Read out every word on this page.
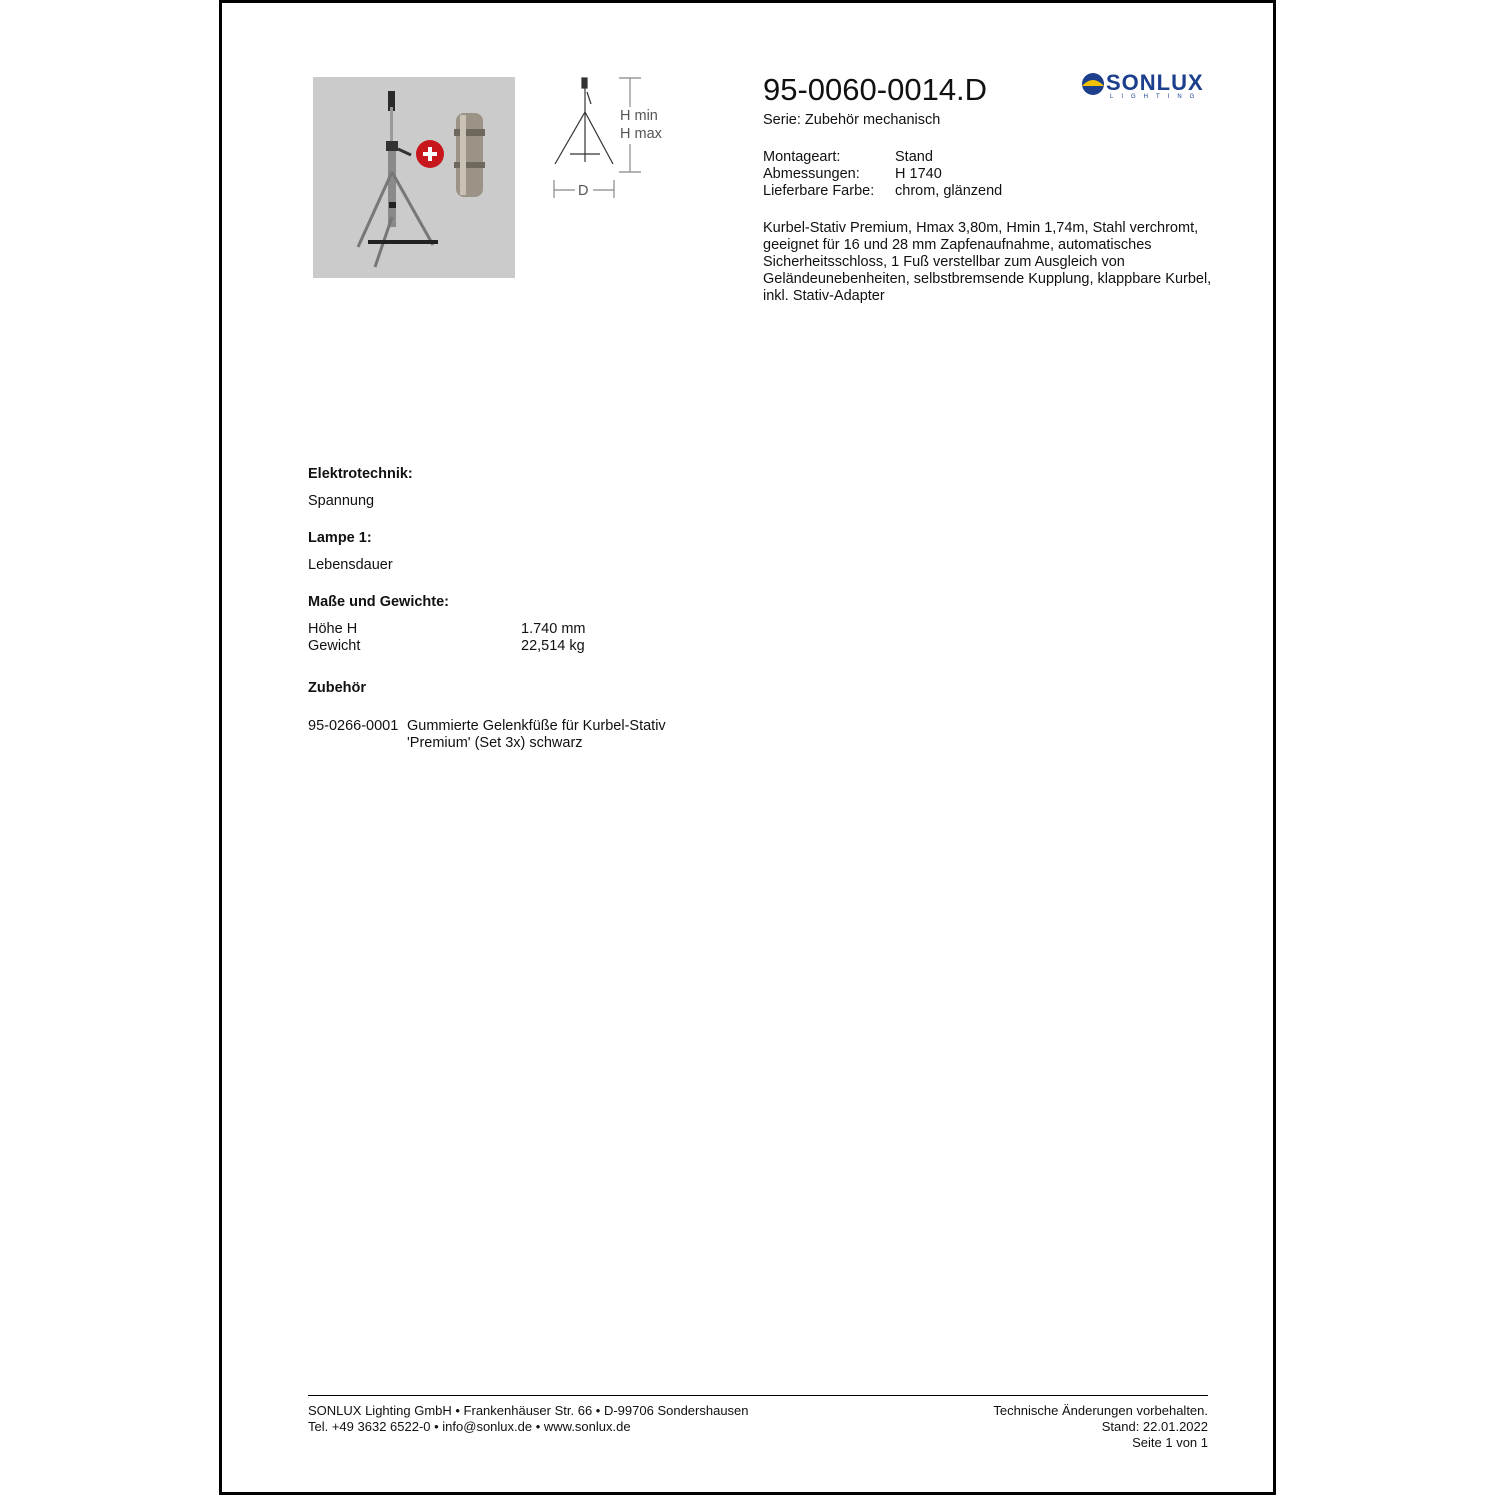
H min
H max
D
95-0060-0014.D
Serie: Zubehör mechanisch
SONLUX
LIGHTING
Montageart:	Stand
Abmessungen: H 1740
Lieferbare Farbe: chrom, glänzend
Kurbel-Stativ Premium, Hmax 3,80m, Hmin 1,74m, Stahl verchromt,
geeignet für 16 und 28 mm Zapfenaufnahme, automatisches
Sicherheitsschloss, 1 Fuß verstellbar zum Ausgleich von
Geländeunebenheiten, selbstbremsende Kupplung, klappbare Kurbel,
inkl. Stativ-Adapter
Elektrotechnik:
Spannung
Lampe 1:
Lebensdauer
Maße und Gewichte:
Höhe H	1.740 mm
Gewicht	22,514 kg
Zubehör
95-0266-0001 Gummierte Gelenkfüße für Kurbel-Stativ
'Premium' (Set 3x) schwarz
SONLUX Lighting GmbH • Frankenhäuser Str. 66 • D-99706 Sondershausen
Tel. +49 3632 6522-0 • info@sonlux.de • www.sonlux.de
Technische Änderungen vorbehalten.
Stand: 22.01.2022
Seite 1 von 1
